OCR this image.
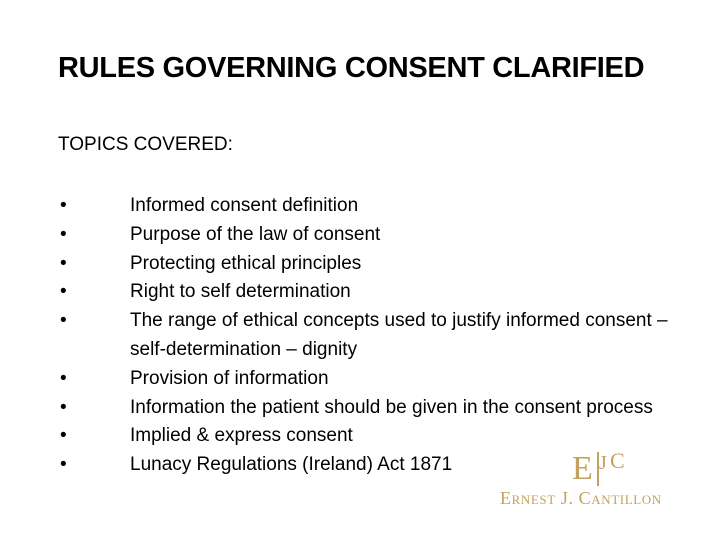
RULES GOVERNING CONSENT CLARIFIED
TOPICS COVERED:
•	Informed consent definition
•	Purpose of the law of consent
•	Protecting ethical principles
•	Right to self determination
•	The range of ethical concepts used to justify informed consent – self-determination – dignity
•	Provision of information
•	Information the patient should be given in the consent process
•	Implied & express consent
•	Lunacy Regulations (Ireland) Act 1871	E J C
Ernest J. Cantillon
